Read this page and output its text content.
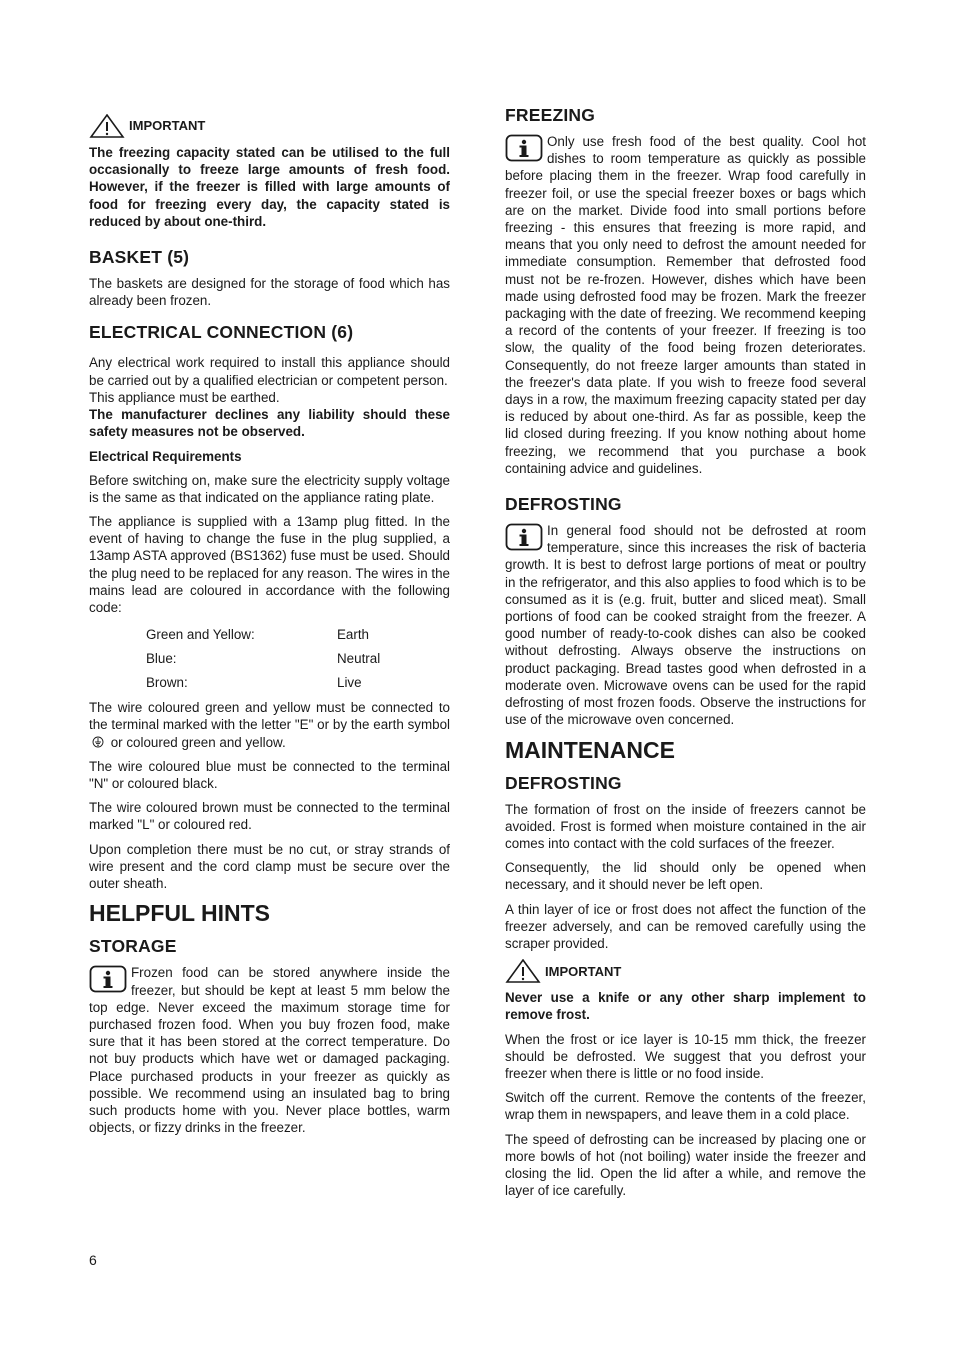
IMPORTANT

The freezing capacity stated can be utilised to the full occasionally to freeze large amounts of fresh food. However, if the freezer is filled with large amounts of food for freezing every day, the capacity stated is reduced by about one-third.

BASKET (5)

The baskets are designed for the storage of food which has already been frozen.

ELECTRICAL CONNECTION (6)

Any electrical work required to install this appliance should be carried out by a qualified electrician or competent person.

This appliance must be earthed.

The manufacturer declines any liability should these safety measures not be observed.

Electrical Requirements

Before switching on, make sure the electricity supply voltage is the same as that indicated on the appliance rating plate.

The appliance is supplied with a 13amp plug fitted. In the event of having to change the fuse in the plug supplied, a 13amp ASTA approved (BS1362) fuse must be used. Should the plug need to be replaced for any reason. The wires in the mains lead are coloured in accordance with the following code:

Green and Yellow:	Earth
Blue:	Neutral
Brown:	Live

The wire coloured green and yellow must be connected to the terminal marked with the letter "E" or by the earth symbol  or coloured green and yellow.

The wire coloured blue must be connected to the terminal "N" or coloured black.

The wire coloured brown must be connected to the terminal marked "L" or coloured red.

Upon completion there must be no cut, or stray strands of wire present and the cord clamp must be secure over the outer sheath.

HELPFUL HINTS
STORAGE

Frozen food can be stored anywhere inside the freezer, but should be kept at least 5 mm below the top edge. Never exceed the maximum storage time for purchased frozen food. When you buy frozen food, make sure that it has been stored at the correct temperature. Do not buy products which have wet or damaged packaging. Place purchased products in your freezer as quickly as possible. We recommend using an insulated bag to bring such products home with you. Never place bottles, warm objects, or fizzy drinks in the freezer.

FREEZING

Only use fresh food of the best quality. Cool hot dishes to room temperature as quickly as possible before placing them in the freezer. Wrap food carefully in freezer foil, or use the special freezer boxes or bags which are on the market. Divide food into small portions before freezing - this ensures that freezing is more rapid, and means that you only need to defrost the amount needed for immediate consumption. Remember that defrosted food must not be re-frozen. However, dishes which have been made using defrosted food may be frozen. Mark the freezer packaging with the date of freezing. We recommend keeping a record of the contents of your freezer. If freezing is too slow, the quality of the food being frozen deteriorates. Consequently, do not freeze larger amounts than stated in the freezer's data plate. If you wish to freeze food several days in a row, the maximum freezing capacity stated per day is reduced by about one-third. As far as possible, keep the lid closed during freezing. If you know nothing about home freezing, we recommend that you purchase a book containing advice and guidelines.

DEFROSTING

In general food should not be defrosted at room temperature, since this increases the risk of bacteria growth. It is best to defrost large portions of meat or poultry in the refrigerator, and this also applies to food which is to be consumed as it is (e.g. fruit, butter and sliced meat). Small portions of food can be cooked straight from the freezer. A good number of ready-to-cook dishes can also be cooked without defrosting. Always observe the instructions on product packaging. Bread tastes good when defrosted in a moderate oven. Microwave ovens can be used for the rapid defrosting of most frozen foods. Observe the instructions for use of the microwave oven concerned.

MAINTENANCE
DEFROSTING

The formation of frost on the inside of freezers cannot be avoided. Frost is formed when moisture contained in the air comes into contact with the cold surfaces of the freezer.

Consequently, the lid should only be opened when necessary, and it should never be left open.

A thin layer of ice or frost does not affect the function of the freezer adversely, and can be removed carefully using the scraper provided.

IMPORTANT

Never use a knife or any other sharp implement to remove frost.

When the frost or ice layer is 10-15 mm thick, the freezer should be defrosted. We suggest that you defrost your freezer when there is little or no food inside.

Switch off the current. Remove the contents of the freezer, wrap them in newspapers, and leave them in a cold place.

The speed of defrosting can be increased by placing one or more bowls of hot (not boiling) water inside the freezer and closing the lid. Open the lid after a while, and remove the layer of ice carefully.

6
